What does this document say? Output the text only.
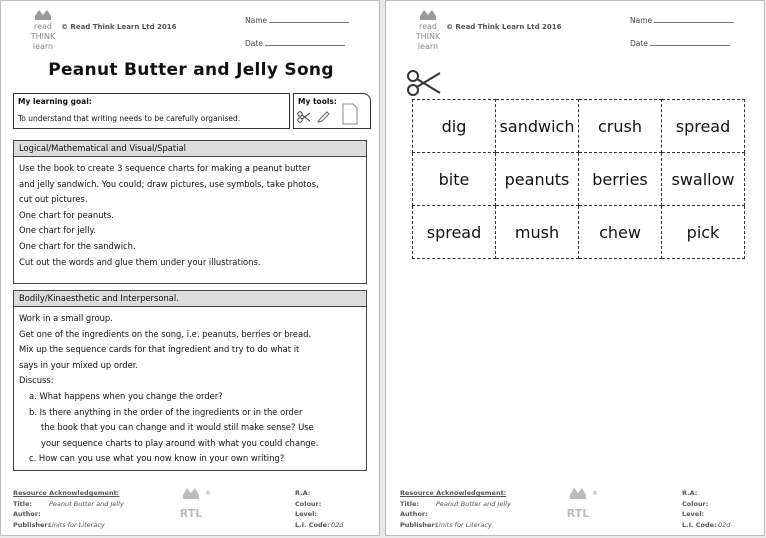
read
THINK
learn
© Read Think Learn Ltd 2016
Name
Date
Peanut Butter and Jelly Song
My learning goal:
To understand that writing needs to be carefully organised.
My tools:
Logical/Mathematical and Visual/Spatial

Use the book to create 3 sequence charts for making a peanut butter

and jelly sandwich. You could; draw pictures, use symbols, take photos,

cut out pictures.

One chart for peanuts.

One chart for jelly.

One chart for the sandwich.

Cut out the words and glue them under your illustrations.

Bodily/Kinaesthetic and Interpersonal.

Work in a small group.

Get one of the ingredients on the song, i.e. peanuts, berries or bread.

Mix up the sequence cards for that ingredient and try to do what it

says in your mixed up order.

Discuss:

a. What happens when you change the order?

b. Is there anything in the order of the ingredients or in the order

the book that you can change and it would still make sense? Use

your sequence charts to play around with what you could change.

c. How can you use what you now know in your own writing?

Resource Acknowledgement:
Title:	Peanut Butter and Jelly
Author:
Publisher:Units for Literacy
RTL
®	R.A:
Colour:
Level:
L.I. Code:02d
read
THINK
learn
© Read Think Learn Ltd 2016
Name
Date
dig	sandwich	crush	spread
bite	peanuts	berries	swallow
spread	mush	chew	pick
Resource Acknowledgement:
Title:	Peanut Butter and Jelly
Author:
Publisher:Units for Literacy
RTL
®	R.A:
Colour:
Level:
L.I. Code:02d
